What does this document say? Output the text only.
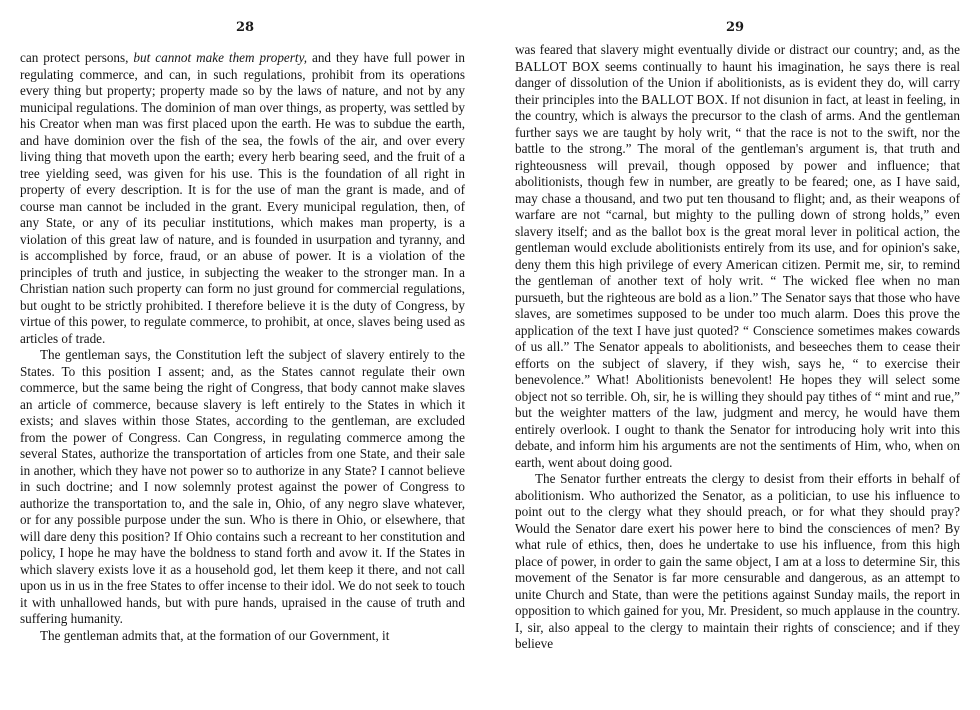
28

can protect persons, but cannot make them property, and they have full power in regulating commerce, and can, in such regulations, prohibit from its operations every thing but property; property made so by the laws of nature, and not by any municipal regulations. The dominion of man over things, as property, was settled by his Creator when man was first placed upon the earth. He was to subdue the earth, and have dominion over the fish of the sea, the fowls of the air, and over every living thing that moveth upon the earth; every herb bearing seed, and the fruit of a tree yielding seed, was given for his use. This is the foundation of all right in property of every description. It is for the use of man the grant is made, and of course man cannot be included in the grant. Every municipal regulation, then, of any State, or any of its peculiar institutions, which makes man property, is a violation of this great law of nature, and is founded in usurpation and tyranny, and is accomplished by force, fraud, or an abuse of power. It is a violation of the principles of truth and justice, in subjecting the weaker to the stronger man. In a Christian nation such property can form no just ground for commercial regulations, but ought to be strictly prohibited. I therefore believe it is the duty of Congress, by virtue of this power, to regulate commerce, to prohibit, at once, slaves being used as articles of trade.

The gentleman says, the Constitution left the subject of slavery entirely to the States. To this position I assent; and, as the States cannot regulate their own commerce, but the same being the right of Congress, that body cannot make slaves an article of commerce, because slavery is left entirely to the States in which it exists; and slaves within those States, according to the gentleman, are excluded from the power of Congress. Can Congress, in regulating commerce among the several States, authorize the transportation of articles from one State, and their sale in another, which they have not power so to authorize in any State? I cannot believe in such doctrine; and I now solemnly protest against the power of Congress to authorize the transportation to, and the sale in, Ohio, of any negro slave whatever, or for any possible purpose under the sun. Who is there in Ohio, or elsewhere, that will dare deny this position? If Ohio contains such a recreant to her constitution and policy, I hope he may have the boldness to stand forth and avow it. If the States in which slavery exists love it as a household god, let them keep it there, and not call upon us in us in the free States to offer incense to their idol. We do not seek to touch it with unhallowed hands, but with pure hands, upraised in the cause of truth and suffering humanity.

The gentleman admits that, at the formation of our Government, it

29

was feared that slavery might eventually divide or distract our country; and, as the BALLOT BOX seems continually to haunt his imagination, he says there is real danger of dissolution of the Union if abolitionists, as is evident they do, will carry their principles into the BALLOT BOX. If not disunion in fact, at least in feeling, in the country, which is always the precursor to the clash of arms. And the gentleman further says we are taught by holy writ, “ that the race is not to the swift, nor the battle to the strong.” The moral of the gentleman's argument is, that truth and righteousness will prevail, though opposed by power and influence; that abolitionists, though few in number, are greatly to be feared; one, as I have said, may chase a thousand, and two put ten thousand to flight; and, as their weapons of warfare are not “carnal, but mighty to the pulling down of strong holds,” even slavery itself; and as the ballot box is the great moral lever in political action, the gentleman would exclude abolitionists entirely from its use, and for opinion's sake, deny them this high privilege of every American citizen. Permit me, sir, to remind the gentleman of another text of holy writ. “ The wicked flee when no man pursueth, but the righteous are bold as a lion.” The Senator says that those who have slaves, are sometimes supposed to be under too much alarm. Does this prove the application of the text I have just quoted? “ Conscience sometimes makes cowards of us all.” The Senator appeals to abolitionists, and beseeches them to cease their efforts on the subject of slavery, if they wish, says he, “ to exercise their benevolence.” What! Abolitionists benevolent! He hopes they will select some object not so terrible. Oh, sir, he is willing they should pay tithes of “ mint and rue,” but the weighter matters of the law, judgment and mercy, he would have them entirely overlook. I ought to thank the Senator for introducing holy writ into this debate, and inform him his arguments are not the sentiments of Him, who, when on earth, went about doing good.

The Senator further entreats the clergy to desist from their efforts in behalf of abolitionism. Who authorized the Senator, as a politician, to use his influence to point out to the clergy what they should preach, or for what they should pray? Would the Senator dare exert his power here to bind the consciences of men? By what rule of ethics, then, does he undertake to use his influence, from this high place of power, in order to gain the same object, I am at a loss to determine Sir, this movement of the Senator is far more censurable and dangerous, as an attempt to unite Church and State, than were the petitions against Sunday mails, the report in opposition to which gained for you, Mr. President, so much applause in the country. I, sir, also appeal to the clergy to maintain their rights of conscience; and if they believe
